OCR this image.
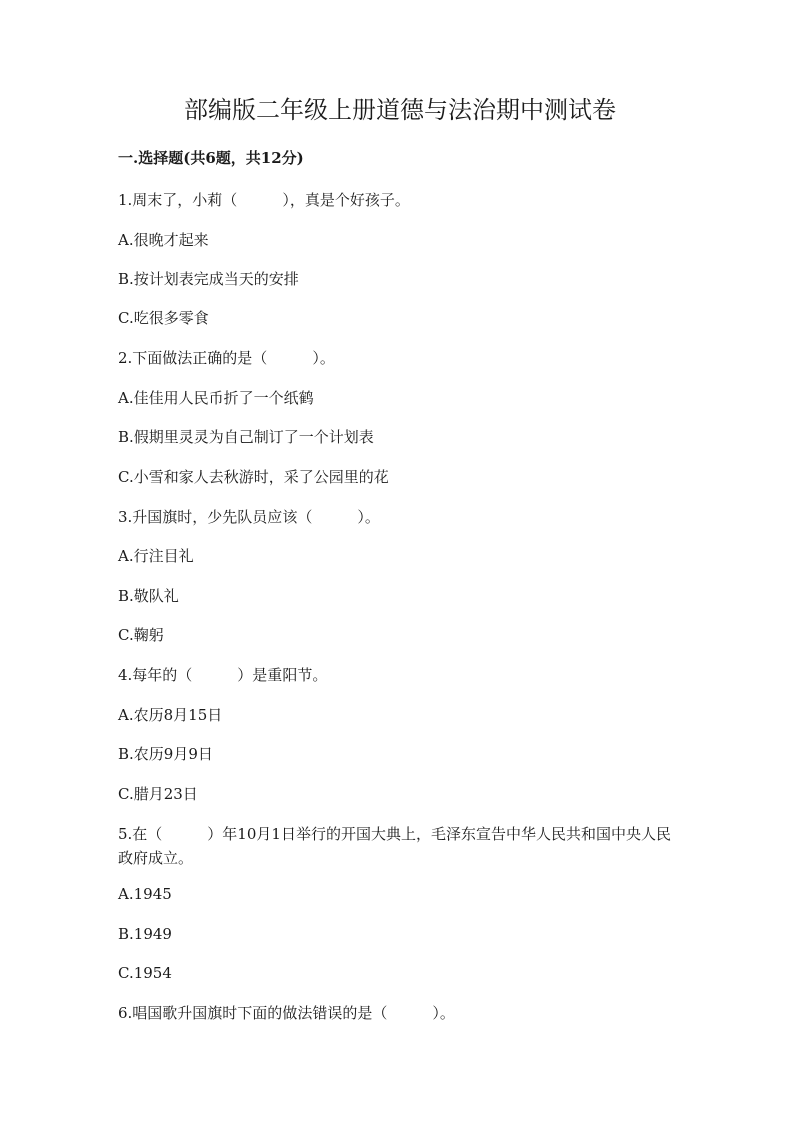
部编版二年级上册道德与法治期中测试卷
一.选择题(共6题，共12分)
1.周末了，小莉（　　　），真是个好孩子。
A.很晚才起来
B.按计划表完成当天的安排
C.吃很多零食
2.下面做法正确的是（　　　）。
A.佳佳用人民币折了一个纸鹤
B.假期里灵灵为自己制订了一个计划表
C.小雪和家人去秋游时，采了公园里的花
3.升国旗时，少先队员应该（　　　）。
A.行注目礼
B.敬队礼
C.鞠躬
4.每年的（　　　）是重阳节。
A.农历8月15日
B.农历9月9日
C.腊月23日
5.在（　　　）年10月1日举行的开国大典上，毛泽东宣告中华人民共和国中央人民政府成立。
A.1945
B.1949
C.1954
6.唱国歌升国旗时下面的做法错误的是（　　　）。
